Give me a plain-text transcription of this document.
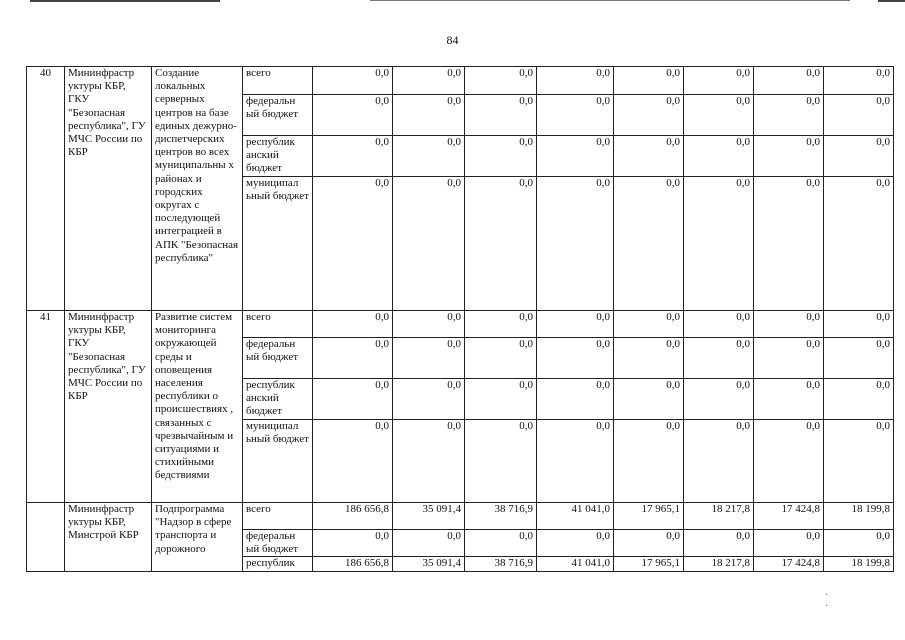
84
40	Мининфрастр уктуры КБР, ГКУ "Безопасная республика", ГУ МЧС России по КБР	Создание локальных серверных центров на базе единых дежурно-диспетчерских центров во всех муниципальны х районах и городских округах с последующей интеграцией в АПК "Безопасная республика"	всего	0,0	0,0	0,0	0,0	0,0	0,0	0,0	0,0
			федеральн ый бюджет	0,0	0,0	0,0	0,0	0,0	0,0	0,0	0,0
			республик анский бюджет	0,0	0,0	0,0	0,0	0,0	0,0	0,0	0,0
			муниципал ьный бюджет	0,0	0,0	0,0	0,0	0,0	0,0	0,0	0,0
41	Мининфрастр уктуры КБР, ГКУ "Безопасная республика", ГУ МЧС России по КБР	Развитие систем мониторинга окружающей среды и оповещения населения республики о происшествиях , связанных с чрезвычайным и ситуациями и стихийными бедствиями	всего	0,0	0,0	0,0	0,0	0,0	0,0	0,0	0,0
			федеральн ый бюджет	0,0	0,0	0,0	0,0	0,0	0,0	0,0	0,0
			республик анский бюджет	0,0	0,0	0,0	0,0	0,0	0,0	0,0	0,0
			муниципал ьный бюджет	0,0	0,0	0,0	0,0	0,0	0,0	0,0	0,0
	Мининфрастр уктуры КБР, Минстрой КБР	Подпрограмма "Надзор в сфере транспорта и дорожного	всего	186 656,8	35 091,4	38 716,9	41 041,0	17 965,1	18 217,8	17 424,8	18 199,8
			федеральн ый бюджет	0,0	0,0	0,0	0,0	0,0	0,0	0,0	0,0
			республик	186 656,8	35 091,4	38 716,9	41 041,0	17 965,1	18 217,8	17 424,8	18 199,8
· ·
